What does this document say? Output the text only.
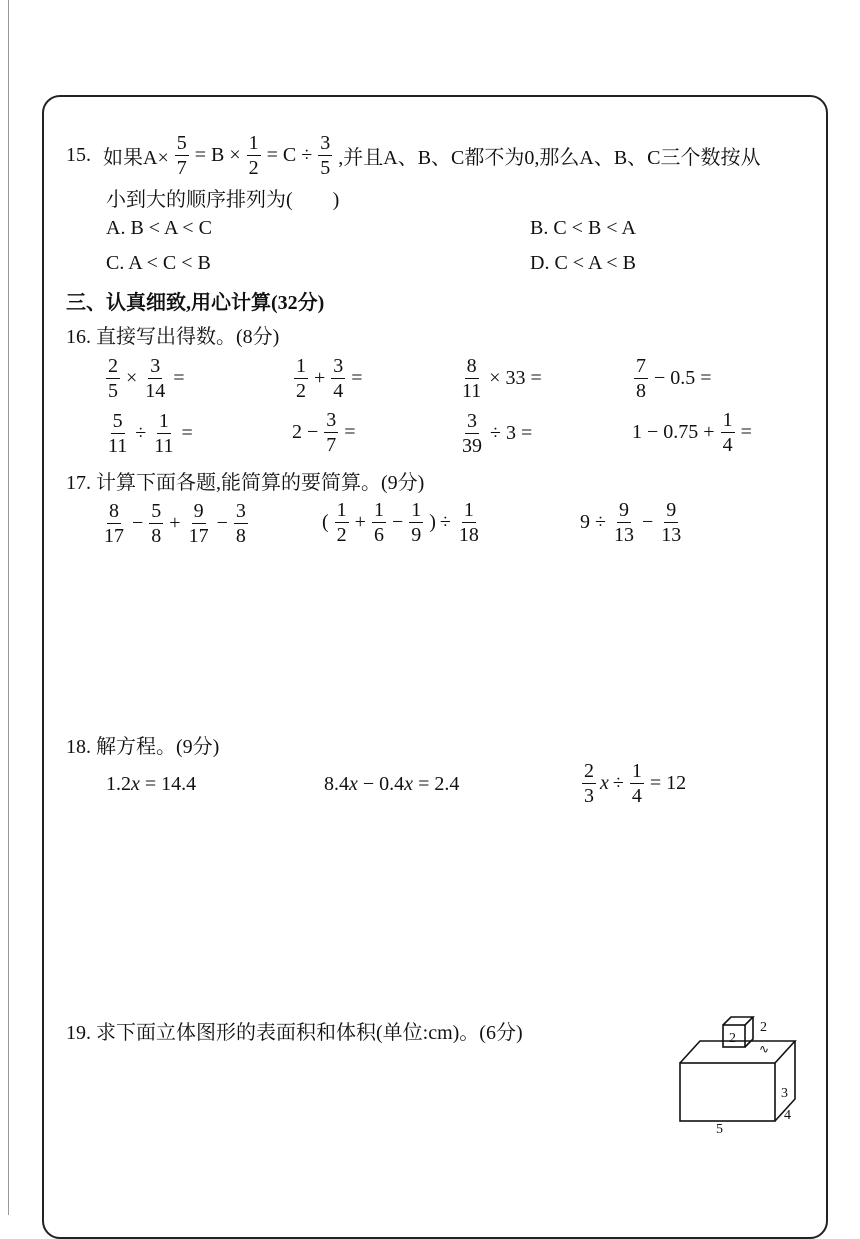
15. 如果$A\times \frac{5}{7} = B \times \frac{1}{2} = C \div \frac{3}{5}$ ,并且A、B、C都不为0,那么A、B、C三个数按从
小到大的顺序排列为(　　)
A. B < A < C	B. C < B < A
C. A < C < B	D. C < A < B
三、认真细致,用心计算(32分)
16. 直接写出得数。(8分)
$\frac{2}{5} \times \frac{3}{14}$ =	$\frac{1}{2} + \frac{3}{4}$ =	$\frac{8}{11} \times 33$ =	$\frac{7}{8} - 0.5$ =
$\frac{5}{11} \div \frac{1}{11}$ =	$2 - \frac{3}{7}$ =	$\frac{3}{39} \div 3$ =	$1 - 0.75 + \frac{1}{4}$ =
17. 计算下面各题,能简算的要简算。(9分)
$\frac{8}{17} - \frac{5}{8} + \frac{9}{17} - \frac{3}{8}$	( $\frac{1}{2} + \frac{1}{6} - \frac{1}{9}$ ) ÷ $\frac{1}{18}$	$9 \div \frac{9}{13} - \frac{9}{13}$
18. 解方程。(9分)
1.2x = 14.4	8.4x − 0.4x = 2.4	$\frac{2}{3}$ $x \div \frac{1}{4} = 12$
19. 求下面立体图形的表面积和体积(单位:cm)。(6分)	2
2
∿
3
4
5
